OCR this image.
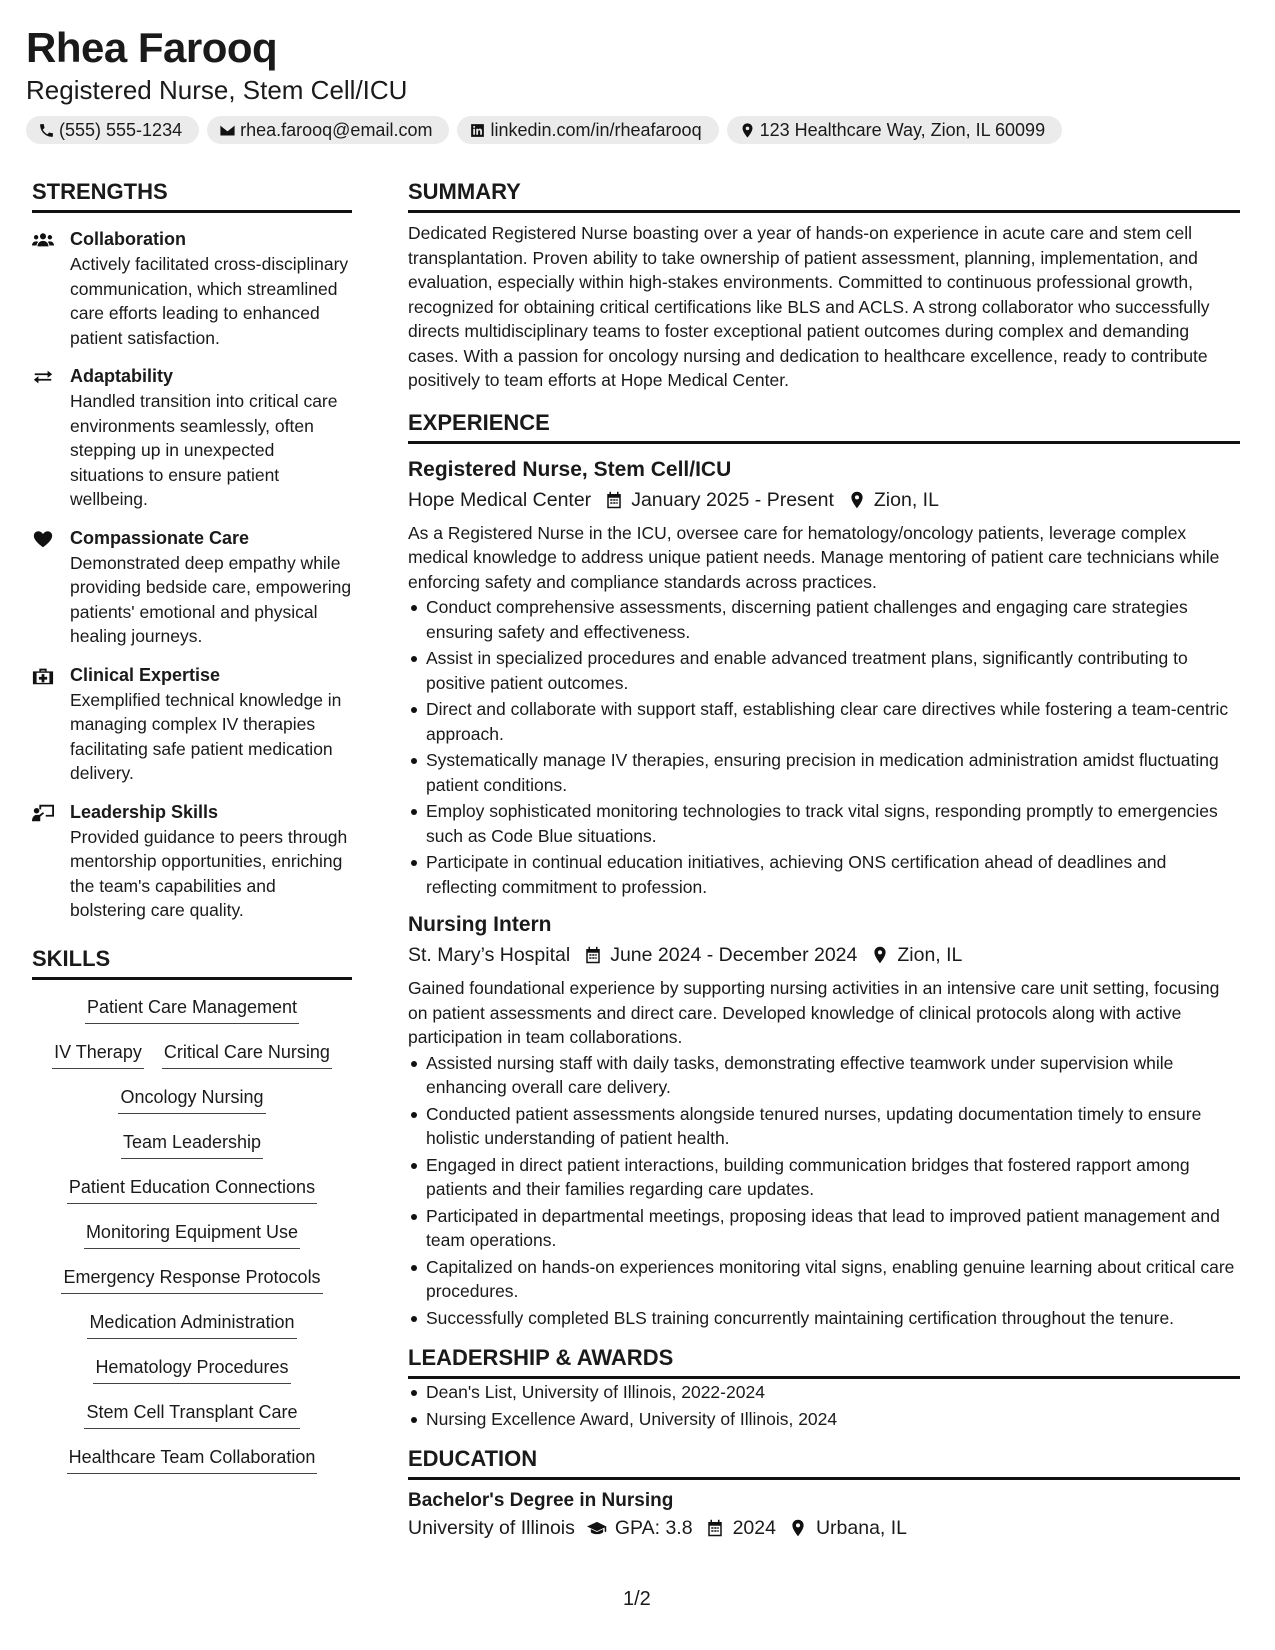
Rhea Farooq
Registered Nurse, Stem Cell/ICU
(555) 555-1234	rhea.farooq@email.com	linkedin.com/in/rheafarooq	123 Healthcare Way, Zion, IL 60099
STRENGTHS
Collaboration
Actively facilitated cross-disciplinary communication, which streamlined care efforts leading to enhanced patient satisfaction.
Adaptability
Handled transition into critical care environments seamlessly, often stepping up in unexpected situations to ensure patient wellbeing.
Compassionate Care
Demonstrated deep empathy while providing bedside care, empowering patients' emotional and physical healing journeys.
Clinical Expertise
Exemplified technical knowledge in managing complex IV therapies facilitating safe patient medication delivery.
Leadership Skills
Provided guidance to peers through mentorship opportunities, enriching the team's capabilities and bolstering care quality.
SKILLS
Patient Care Management
IV Therapy Critical Care Nursing
Oncology Nursing
Team Leadership
Patient Education Connections
Monitoring Equipment Use
Emergency Response Protocols
Medication Administration
Hematology Procedures
Stem Cell Transplant Care
Healthcare Team Collaboration
SUMMARY
Dedicated Registered Nurse boasting over a year of hands-on experience in acute care and stem cell transplantation. Proven ability to take ownership of patient assessment, planning, implementation, and evaluation, especially within high-stakes environments. Committed to continuous professional growth, recognized for obtaining critical certifications like BLS and ACLS. A strong collaborator who successfully directs multidisciplinary teams to foster exceptional patient outcomes during complex and demanding cases. With a passion for oncology nursing and dedication to healthcare excellence, ready to contribute positively to team efforts at Hope Medical Center.
EXPERIENCE
Registered Nurse, Stem Cell/ICU
Hope Medical Center January 2025 - Present Zion, IL
As a Registered Nurse in the ICU, oversee care for hematology/oncology patients, leverage complex medical knowledge to address unique patient needs. Manage mentoring of patient care technicians while enforcing safety and compliance standards across practices.
Conduct comprehensive assessments, discerning patient challenges and engaging care strategies ensuring safety and effectiveness.
Assist in specialized procedures and enable advanced treatment plans, significantly contributing to positive patient outcomes.
Direct and collaborate with support staff, establishing clear care directives while fostering a team-centric approach.
Systematically manage IV therapies, ensuring precision in medication administration amidst fluctuating patient conditions.
Employ sophisticated monitoring technologies to track vital signs, responding promptly to emergencies such as Code Blue situations.
Participate in continual education initiatives, achieving ONS certification ahead of deadlines and reflecting commitment to profession.
Nursing Intern
St. Mary’s Hospital June 2024 - December 2024 Zion, IL
Gained foundational experience by supporting nursing activities in an intensive care unit setting, focusing on patient assessments and direct care. Developed knowledge of clinical protocols along with active participation in team collaborations.
Assisted nursing staff with daily tasks, demonstrating effective teamwork under supervision while enhancing overall care delivery.
Conducted patient assessments alongside tenured nurses, updating documentation timely to ensure holistic understanding of patient health.
Engaged in direct patient interactions, building communication bridges that fostered rapport among patients and their families regarding care updates.
Participated in departmental meetings, proposing ideas that lead to improved patient management and team operations.
Capitalized on hands-on experiences monitoring vital signs, enabling genuine learning about critical care procedures.
Successfully completed BLS training concurrently maintaining certification throughout the tenure.
LEADERSHIP & AWARDS
Dean's List, University of Illinois, 2022-2024
Nursing Excellence Award, University of Illinois, 2024
EDUCATION
Bachelor's Degree in Nursing
University of Illinois GPA: 3.8 2024 Urbana, IL
1/2
